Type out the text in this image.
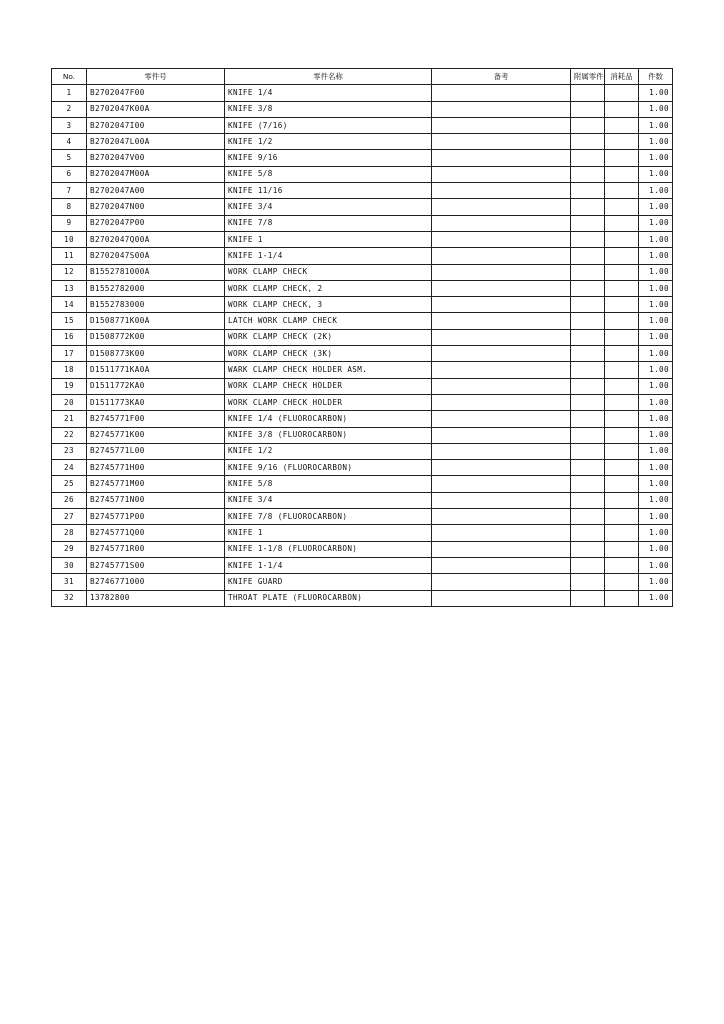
No.	零件号	零件名称	备考	附属零件	消耗品	件数
1	B2702047F00	KNIFE 1/4				1.00
2	B2702047K00A	KNIFE 3/8				1.00
3	B2702047I00	KNIFE (7/16)				1.00
4	B2702047L00A	KNIFE 1/2				1.00
5	B2702047V00	KNIFE 9/16				1.00
6	B2702047M00A	KNIFE 5/8				1.00
7	B2702047A00	KNIFE 11/16				1.00
8	B2702047N00	KNIFE 3/4				1.00
9	B2702047P00	KNIFE 7/8				1.00
10	B2702047Q00A	KNIFE 1				1.00
11	B2702047S00A	KNIFE 1-1/4				1.00
12	B1552781000A	WORK CLAMP CHECK				1.00
13	B1552782000	WORK CLAMP CHECK, 2				1.00
14	B1552783000	WORK CLAMP CHECK, 3				1.00
15	D1508771K00A	LATCH WORK CLAMP CHECK				1.00
16	D1508772K00	WORK CLAMP CHECK (2K)				1.00
17	D1508773K00	WORK CLAMP CHECK (3K)				1.00
18	D1511771KA0A	WARK CLAMP CHECK HOLDER ASM.				1.00
19	D1511772KA0	WORK CLAMP CHECK HOLDER				1.00
20	D1511773KA0	WORK CLAMP CHECK HOLDER				1.00
21	B2745771F00	KNIFE 1/4 (FLUOROCARBON)				1.00
22	B2745771K00	KNIFE 3/8 (FLUOROCARBON)				1.00
23	B2745771L00	KNIFE 1/2				1.00
24	B2745771H00	KNIFE 9/16 (FLUOROCARBON)				1.00
25	B2745771M00	KNIFE 5/8				1.00
26	B2745771N00	KNIFE 3/4				1.00
27	B2745771P00	KNIFE 7/8 (FLUOROCARBON)				1.00
28	B2745771Q00	KNIFE 1				1.00
29	B2745771R00	KNIFE 1-1/8 (FLUOROCARBON)				1.00
30	B2745771S00	KNIFE 1-1/4				1.00
31	B2746771000	KNIFE GUARD				1.00
32	13782800	THROAT PLATE (FLUOROCARBON)				1.00
